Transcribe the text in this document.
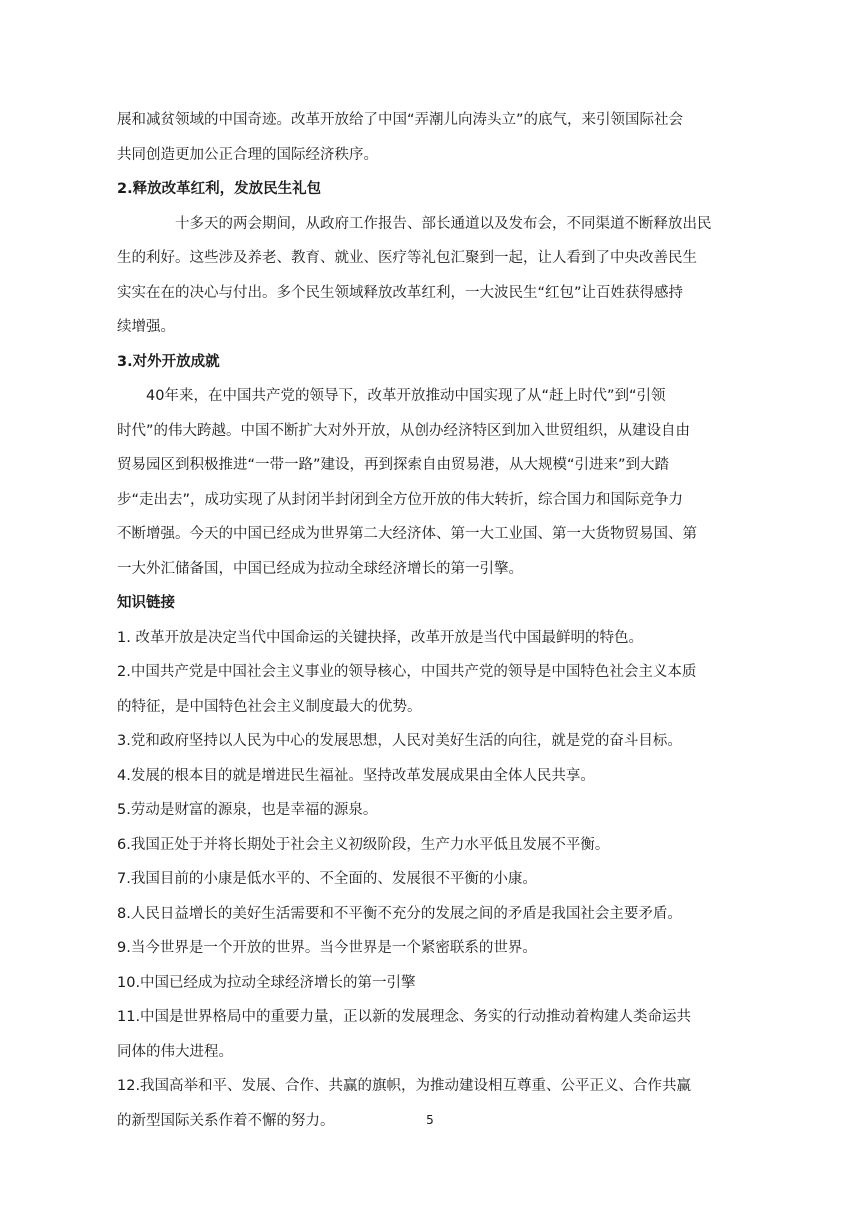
展和减贫领域的中国奇迹。改革开放给了中国“弄潮儿向涛头立”的底气，来引领国际社会
共同创造更加公正合理的国际经济秩序。
2.释放改革红利，发放民生礼包
十多天的两会期间，从政府工作报告、部长通道以及发布会，不同渠道不断释放出民
生的利好。这些涉及养老、教育、就业、医疗等礼包汇聚到一起，让人看到了中央改善民生
实实在在的决心与付出。多个民生领域释放改革红利，一大波民生“红包”让百姓获得感持
续增强。
3.对外开放成就
40年来，在中国共产党的领导下，改革开放推动中国实现了从“赶上时代”到“引领
时代”的伟大跨越。中国不断扩大对外开放，从创办经济特区到加入世贸组织，从建设自由
贸易园区到积极推进“一带一路”建设，再到探索自由贸易港，从大规模“引进来”到大踏
步“走出去”，成功实现了从封闭半封闭到全方位开放的伟大转折，综合国力和国际竞争力
不断增强。今天的中国已经成为世界第二大经济体、第一大工业国、第一大货物贸易国、第
一大外汇储备国，中国已经成为拉动全球经济增长的第一引擎。
知识链接
1. 改革开放是决定当代中国命运的关键抉择，改革开放是当代中国最鲜明的特色。
2.中国共产党是中国社会主义事业的领导核心，中国共产党的领导是中国特色社会主义本质
的特征，是中国特色社会主义制度最大的优势。
3.党和政府坚持以人民为中心的发展思想，人民对美好生活的向往，就是党的奋斗目标。
4.发展的根本目的就是增进民生福祉。坚持改革发展成果由全体人民共享。
5.劳动是财富的源泉，也是幸福的源泉。
6.我国正处于并将长期处于社会主义初级阶段，生产力水平低且发展不平衡。
7.我国目前的小康是低水平的、不全面的、发展很不平衡的小康。
8.人民日益增长的美好生活需要和不平衡不充分的发展之间的矛盾是我国社会主要矛盾。
9.当今世界是一个开放的世界。当今世界是一个紧密联系的世界。
10.中国已经成为拉动全球经济增长的第一引擎
11.中国是世界格局中的重要力量，正以新的发展理念、务实的行动推动着构建人类命运共
同体的伟大进程。
12.我国高举和平、发展、合作、共赢的旗帜，为推动建设相互尊重、公平正义、合作共赢
的新型国际关系作着不懈的努力。	5
